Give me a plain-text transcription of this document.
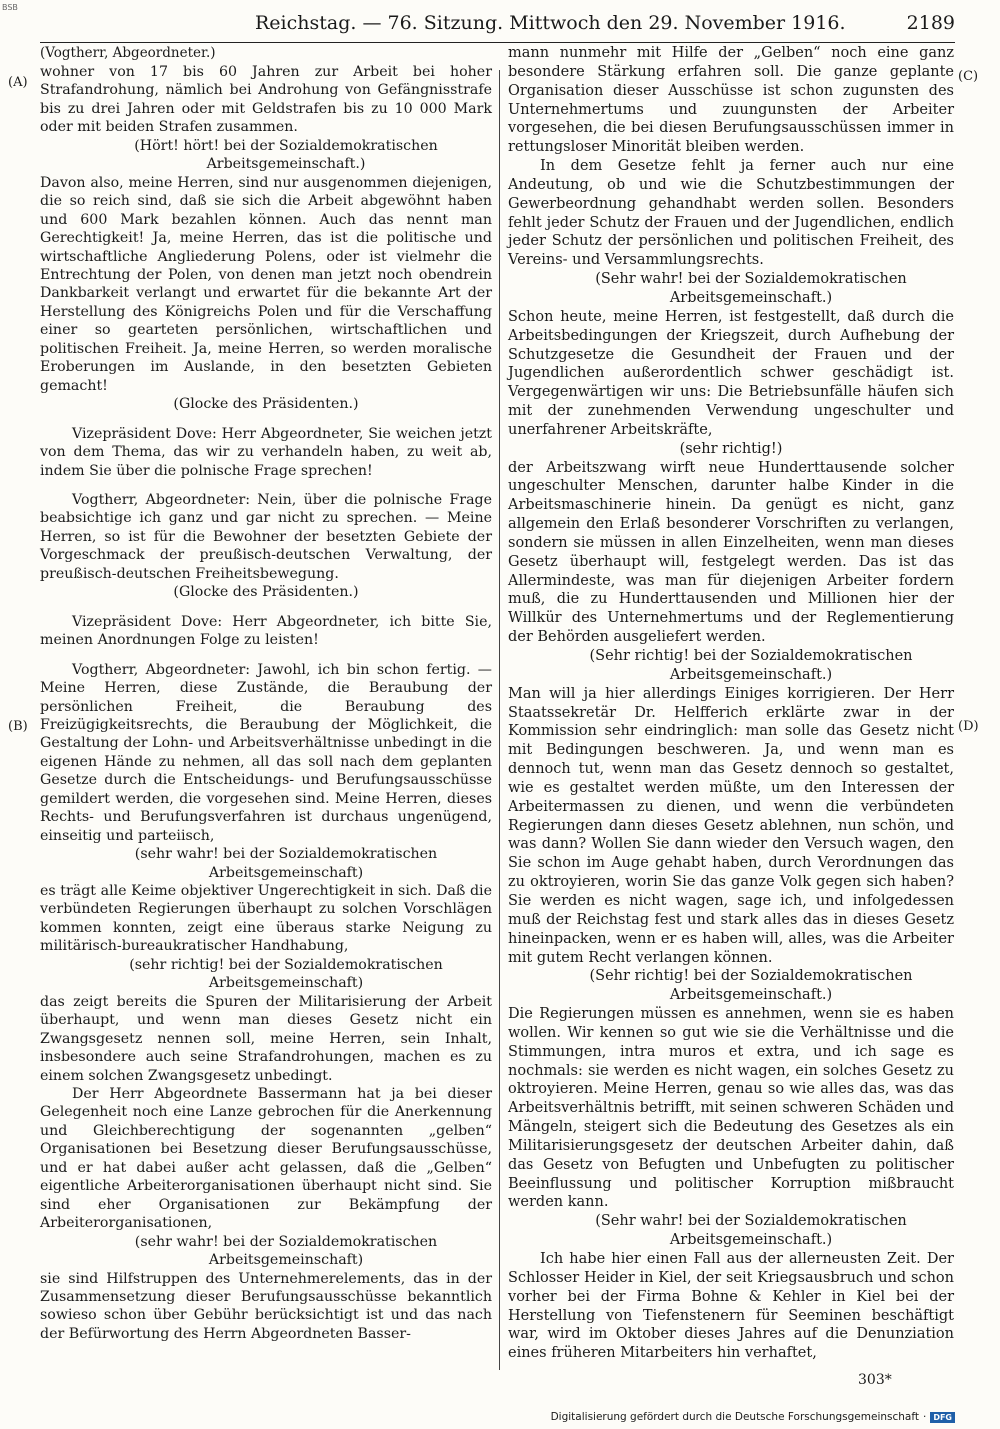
BSB
Reichstag. — 76. Sitzung. Mittwoch den 29. November 1916.	2189
(A)
(B)
(C)
(D)

(Vogtherr, Abgeordneter.)

wohner von 17 bis 60 Jahren zur Arbeit bei hoher Strafandrohung, nämlich bei Androhung von Gefängnisstrafe bis zu drei Jahren oder mit Geldstrafen bis zu 10 000 Mark oder mit beiden Strafen zusammen.

(Hört! hört! bei der Sozialdemokratischen Arbeitsgemeinschaft.)

Davon also, meine Herren, sind nur ausgenommen diejenigen, die so reich sind, daß sie sich die Arbeit abgewöhnt haben und 600 Mark bezahlen können. Auch das nennt man Gerechtigkeit! Ja, meine Herren, das ist die politische und wirtschaftliche Angliederung Polens, oder ist vielmehr die Entrechtung der Polen, von denen man jetzt noch obendrein Dankbarkeit verlangt und erwartet für die bekannte Art der Herstellung des Königreichs Polen und für die Verschaffung einer so gearteten persönlichen, wirtschaftlichen und politischen Freiheit. Ja, meine Herren, so werden moralische Eroberungen im Auslande, in den besetzten Gebieten gemacht!

(Glocke des Präsidenten.)

Vizepräsident Dove: Herr Abgeordneter, Sie weichen jetzt von dem Thema, das wir zu verhandeln haben, zu weit ab, indem Sie über die polnische Frage sprechen!

Vogtherr, Abgeordneter: Nein, über die polnische Frage beabsichtige ich ganz und gar nicht zu sprechen. — Meine Herren, so ist für die Bewohner der besetzten Gebiete der Vorgeschmack der preußisch-deutschen Verwaltung, der preußisch-deutschen Freiheitsbewegung.

(Glocke des Präsidenten.)

Vizepräsident Dove: Herr Abgeordneter, ich bitte Sie, meinen Anordnungen Folge zu leisten!

Vogtherr, Abgeordneter: Jawohl, ich bin schon fertig. — Meine Herren, diese Zustände, die Beraubung der persönlichen Freiheit, die Beraubung des Freizügigkeitsrechts, die Beraubung der Möglichkeit, die Gestaltung der Lohn- und Arbeitsverhältnisse unbedingt in die eigenen Hände zu nehmen, all das soll nach dem geplanten Gesetze durch die Entscheidungs- und Berufungsausschüsse gemildert werden, die vorgesehen sind. Meine Herren, dieses Rechts- und Berufungsverfahren ist durchaus ungenügend, einseitig und parteiisch,

(sehr wahr! bei der Sozialdemokratischen Arbeitsgemeinschaft)

es trägt alle Keime objektiver Ungerechtigkeit in sich. Daß die verbündeten Regierungen überhaupt zu solchen Vorschlägen kommen konnten, zeigt eine überaus starke Neigung zu militärisch-bureaukratischer Handhabung,

(sehr richtig! bei der Sozialdemokratischen Arbeitsgemeinschaft)

das zeigt bereits die Spuren der Militarisierung der Arbeit überhaupt, und wenn man dieses Gesetz nicht ein Zwangsgesetz nennen soll, meine Herren, sein Inhalt, insbesondere auch seine Strafandrohungen, machen es zu einem solchen Zwangsgesetz unbedingt.

Der Herr Abgeordnete Bassermann hat ja bei dieser Gelegenheit noch eine Lanze gebrochen für die Anerkennung und Gleichberechtigung der sogenannten „gelben“ Organisationen bei Besetzung dieser Berufungsausschüsse, und er hat dabei außer acht gelassen, daß die „Gelben“ eigentliche Arbeiterorganisationen überhaupt nicht sind. Sie sind eher Organisationen zur Bekämpfung der Arbeiterorganisationen,

(sehr wahr! bei der Sozialdemokratischen Arbeitsgemeinschaft)

sie sind Hilfstruppen des Unternehmerelements, das in der Zusammensetzung dieser Berufungsausschüsse bekanntlich sowieso schon über Gebühr berücksichtigt ist und das nach der Befürwortung des Herrn Abgeordneten Basser-

mann nunmehr mit Hilfe der „Gelben“ noch eine ganz besondere Stärkung erfahren soll. Die ganze geplante Organisation dieser Ausschüsse ist schon zugunsten des Unternehmertums und zuungunsten der Arbeiter vorgesehen, die bei diesen Berufungsausschüssen immer in rettungsloser Minorität bleiben werden.

In dem Gesetze fehlt ja ferner auch nur eine Andeutung, ob und wie die Schutzbestimmungen der Gewerbeordnung gehandhabt werden sollen. Besonders fehlt jeder Schutz der Frauen und der Jugendlichen, endlich jeder Schutz der persönlichen und politischen Freiheit, des Vereins- und Versammlungsrechts.

(Sehr wahr! bei der Sozialdemokratischen Arbeitsgemeinschaft.)

Schon heute, meine Herren, ist festgestellt, daß durch die Arbeitsbedingungen der Kriegszeit, durch Aufhebung der Schutzgesetze die Gesundheit der Frauen und der Jugendlichen außerordentlich schwer geschädigt ist. Vergegenwärtigen wir uns: Die Betriebsunfälle häufen sich mit der zunehmenden Verwendung ungeschulter und unerfahrener Arbeitskräfte,

(sehr richtig!)

der Arbeitszwang wirft neue Hunderttausende solcher ungeschulter Menschen, darunter halbe Kinder in die Arbeitsmaschinerie hinein. Da genügt es nicht, ganz allgemein den Erlaß besonderer Vorschriften zu verlangen, sondern sie müssen in allen Einzelheiten, wenn man dieses Gesetz überhaupt will, festgelegt werden. Das ist das Allermindeste, was man für diejenigen Arbeiter fordern muß, die zu Hunderttausenden und Millionen hier der Willkür des Unternehmertums und der Reglementierung der Behörden ausgeliefert werden.

(Sehr richtig! bei der Sozialdemokratischen Arbeitsgemeinschaft.)

Man will ja hier allerdings Einiges korrigieren. Der Herr Staatssekretär Dr. Helfferich erklärte zwar in der Kommission sehr eindringlich: man solle das Gesetz nicht mit Bedingungen beschweren. Ja, und wenn man es dennoch tut, wenn man das Gesetz dennoch so gestaltet, wie es gestaltet werden müßte, um den Interessen der Arbeitermassen zu dienen, und wenn die verbündeten Regierungen dann dieses Gesetz ablehnen, nun schön, und was dann? Wollen Sie dann wieder den Versuch wagen, den Sie schon im Auge gehabt haben, durch Verordnungen das zu oktroyieren, worin Sie das ganze Volk gegen sich haben? Sie werden es nicht wagen, sage ich, und infolgedessen muß der Reichstag fest und stark alles das in dieses Gesetz hineinpacken, wenn er es haben will, alles, was die Arbeiter mit gutem Recht verlangen können.

(Sehr richtig! bei der Sozialdemokratischen Arbeitsgemeinschaft.)

Die Regierungen müssen es annehmen, wenn sie es haben wollen. Wir kennen so gut wie sie die Verhältnisse und die Stimmungen, intra muros et extra, und ich sage es nochmals: sie werden es nicht wagen, ein solches Gesetz zu oktroyieren. Meine Herren, genau so wie alles das, was das Arbeitsverhältnis betrifft, mit seinen schweren Schäden und Mängeln, steigert sich die Bedeutung des Gesetzes als ein Militarisierungsgesetz der deutschen Arbeiter dahin, daß das Gesetz von Befugten und Unbefugten zu politischer Beeinflussung und politischer Korruption mißbraucht werden kann.

(Sehr wahr! bei der Sozialdemokratischen Arbeitsgemeinschaft.)

Ich habe hier einen Fall aus der allerneusten Zeit. Der Schlosser Heider in Kiel, der seit Kriegsausbruch und schon vorher bei der Firma Bohne & Kehler in Kiel bei der Herstellung von Tiefenstenern für Seeminen beschäftigt war, wird im Oktober dieses Jahres auf die Denunziation eines früheren Mitarbeiters hin verhaftet,

303*
Digitalisierung gefördert durch die Deutsche Forschungsgemeinschaft · DFG
